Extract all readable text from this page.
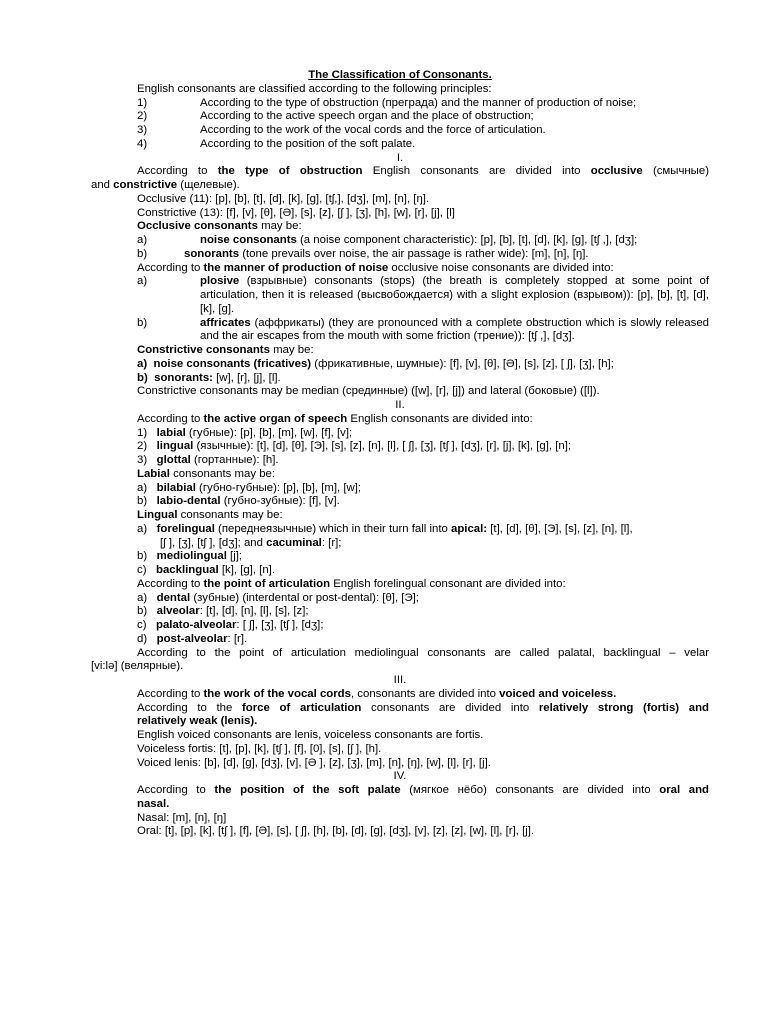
The Classification of Consonants.
English consonants are classified according to the following principles:
1)	According to the type of obstruction (преграда) and the manner of production of noise;
2)	According to the active speech organ and the place of obstruction;
3)	According to the work of the vocal cords and the force of articulation.
4)	According to the position of the soft palate.
I.
According to the type of obstruction English consonants are divided into occlusive (смычные)
and constrictive (щелевые).
Occlusive (11): [p], [b], [t], [d], [k], [g], [tʃ,], [dʒ], [m], [n], [ŋ].
Constrictive (13): [f], [v], [θ], [Ə], [s], [z], [ʃ ], [ʒ], [h], [w], [r], [j], [l]
Occlusive consonants may be:
a)	noise consonants (a noise component characteristic): [p], [b], [t], [d], [k], [g], [tʃ ,], [dʒ];
b)	sonorants (tone prevails over noise, the air passage is rather wide): [m], [n], [ŋ].
According to the manner of production of noise occlusive noise consonants are divided into:
a)	plosive (взрывные) consonants (stops) (the breath is completely stopped at some point of articulation, then it is released (высвобождается) with a slight explosion (взрывом)): [p], [b], [t], [d], [k], [g].
b)	affricates (аффрикаты) (they are pronounced with a complete obstruction which is slowly released and the air escapes from the mouth with some friction (трение)): [tʃ ,], [dʒ].
Constrictive consonants may be:
a) noise consonants (fricatives) (фрикативные, шумные): [f], [v], [θ], [Ə], [s], [z], [ ʃ], [ʒ], [h];
b) sonorants: [w], [r], [j], [l].
Constrictive consonants may be median (срединные) ([w], [r], [j]) and lateral (боковые) ([l]).
II.
According to the active organ of speech English consonants are divided into:
1) labial (губные): [p], [b], [m], [w], [f], [v];
2) lingual (язычные): [t], [d], [θ], [Э], [s], [z], [n], [l], [ ʃ], [ʒ], [tʃ ], [dʒ], [r], [j], [k], [g], [n];
3) glottal (гортанные): [h].
Labial consonants may be:
a) bilabial (губно-губные): [p], [b], [m], [w];
b) labio-dental (губно-зубные): [f], [v].
Lingual consonants may be:
a) forelingual (переднеязычные) which in their turn fall into apical: [t], [d], [θ], [Э], [s], [z], [n], [l],
[ʃ ], [ʒ], [tʃ ], [dʒ]; and cacuminal: [r];
b) mediolingual [j];
c) backlingual [k], [g], [n].
According to the point of articulation English forelingual consonant are divided into:
a) dental (зубные) (interdental or post-dental): [θ], [Э];
b) alveolar: [t], [d], [n], [l], [s], [z];
c) palato-alveolar: [ ʃ], [ʒ], [tʃ ], [dʒ];
d) post-alveolar: [r].
According to the point of articulation mediolingual consonants are called palatal, backlingual – velar
[vi:lə] (велярные).
III.
According to the work of the vocal cords, consonants are divided into voiced and voiceless.
According to the force of articulation consonants are divided into relatively strong (fortis) and
relatively weak (lenis).
English voiced consonants are lenis, voiceless consonants are fortis.
Voiceless fortis: [t], [p], [k], [tʃ ], [f], [0], [s], [ʃ ], [h].
Voiced lenis: [b], [d], [g], [dʒ], [v], [Ə ], [z], [ʒ], [m], [n], [ŋ], [w], [l], [r], [j].
IV.
According to the position of the soft palate (мягкое нёбо) consonants are divided into oral and
nasal.
Nasal: [m], [n], [ŋ]
Oral: [t], [p], [k], [tʃ ], [f], [Ə], [s], [ ʃ], [h], [b], [d], [g], [dʒ], [v], [z], [z], [w], [l], [r], [j].
